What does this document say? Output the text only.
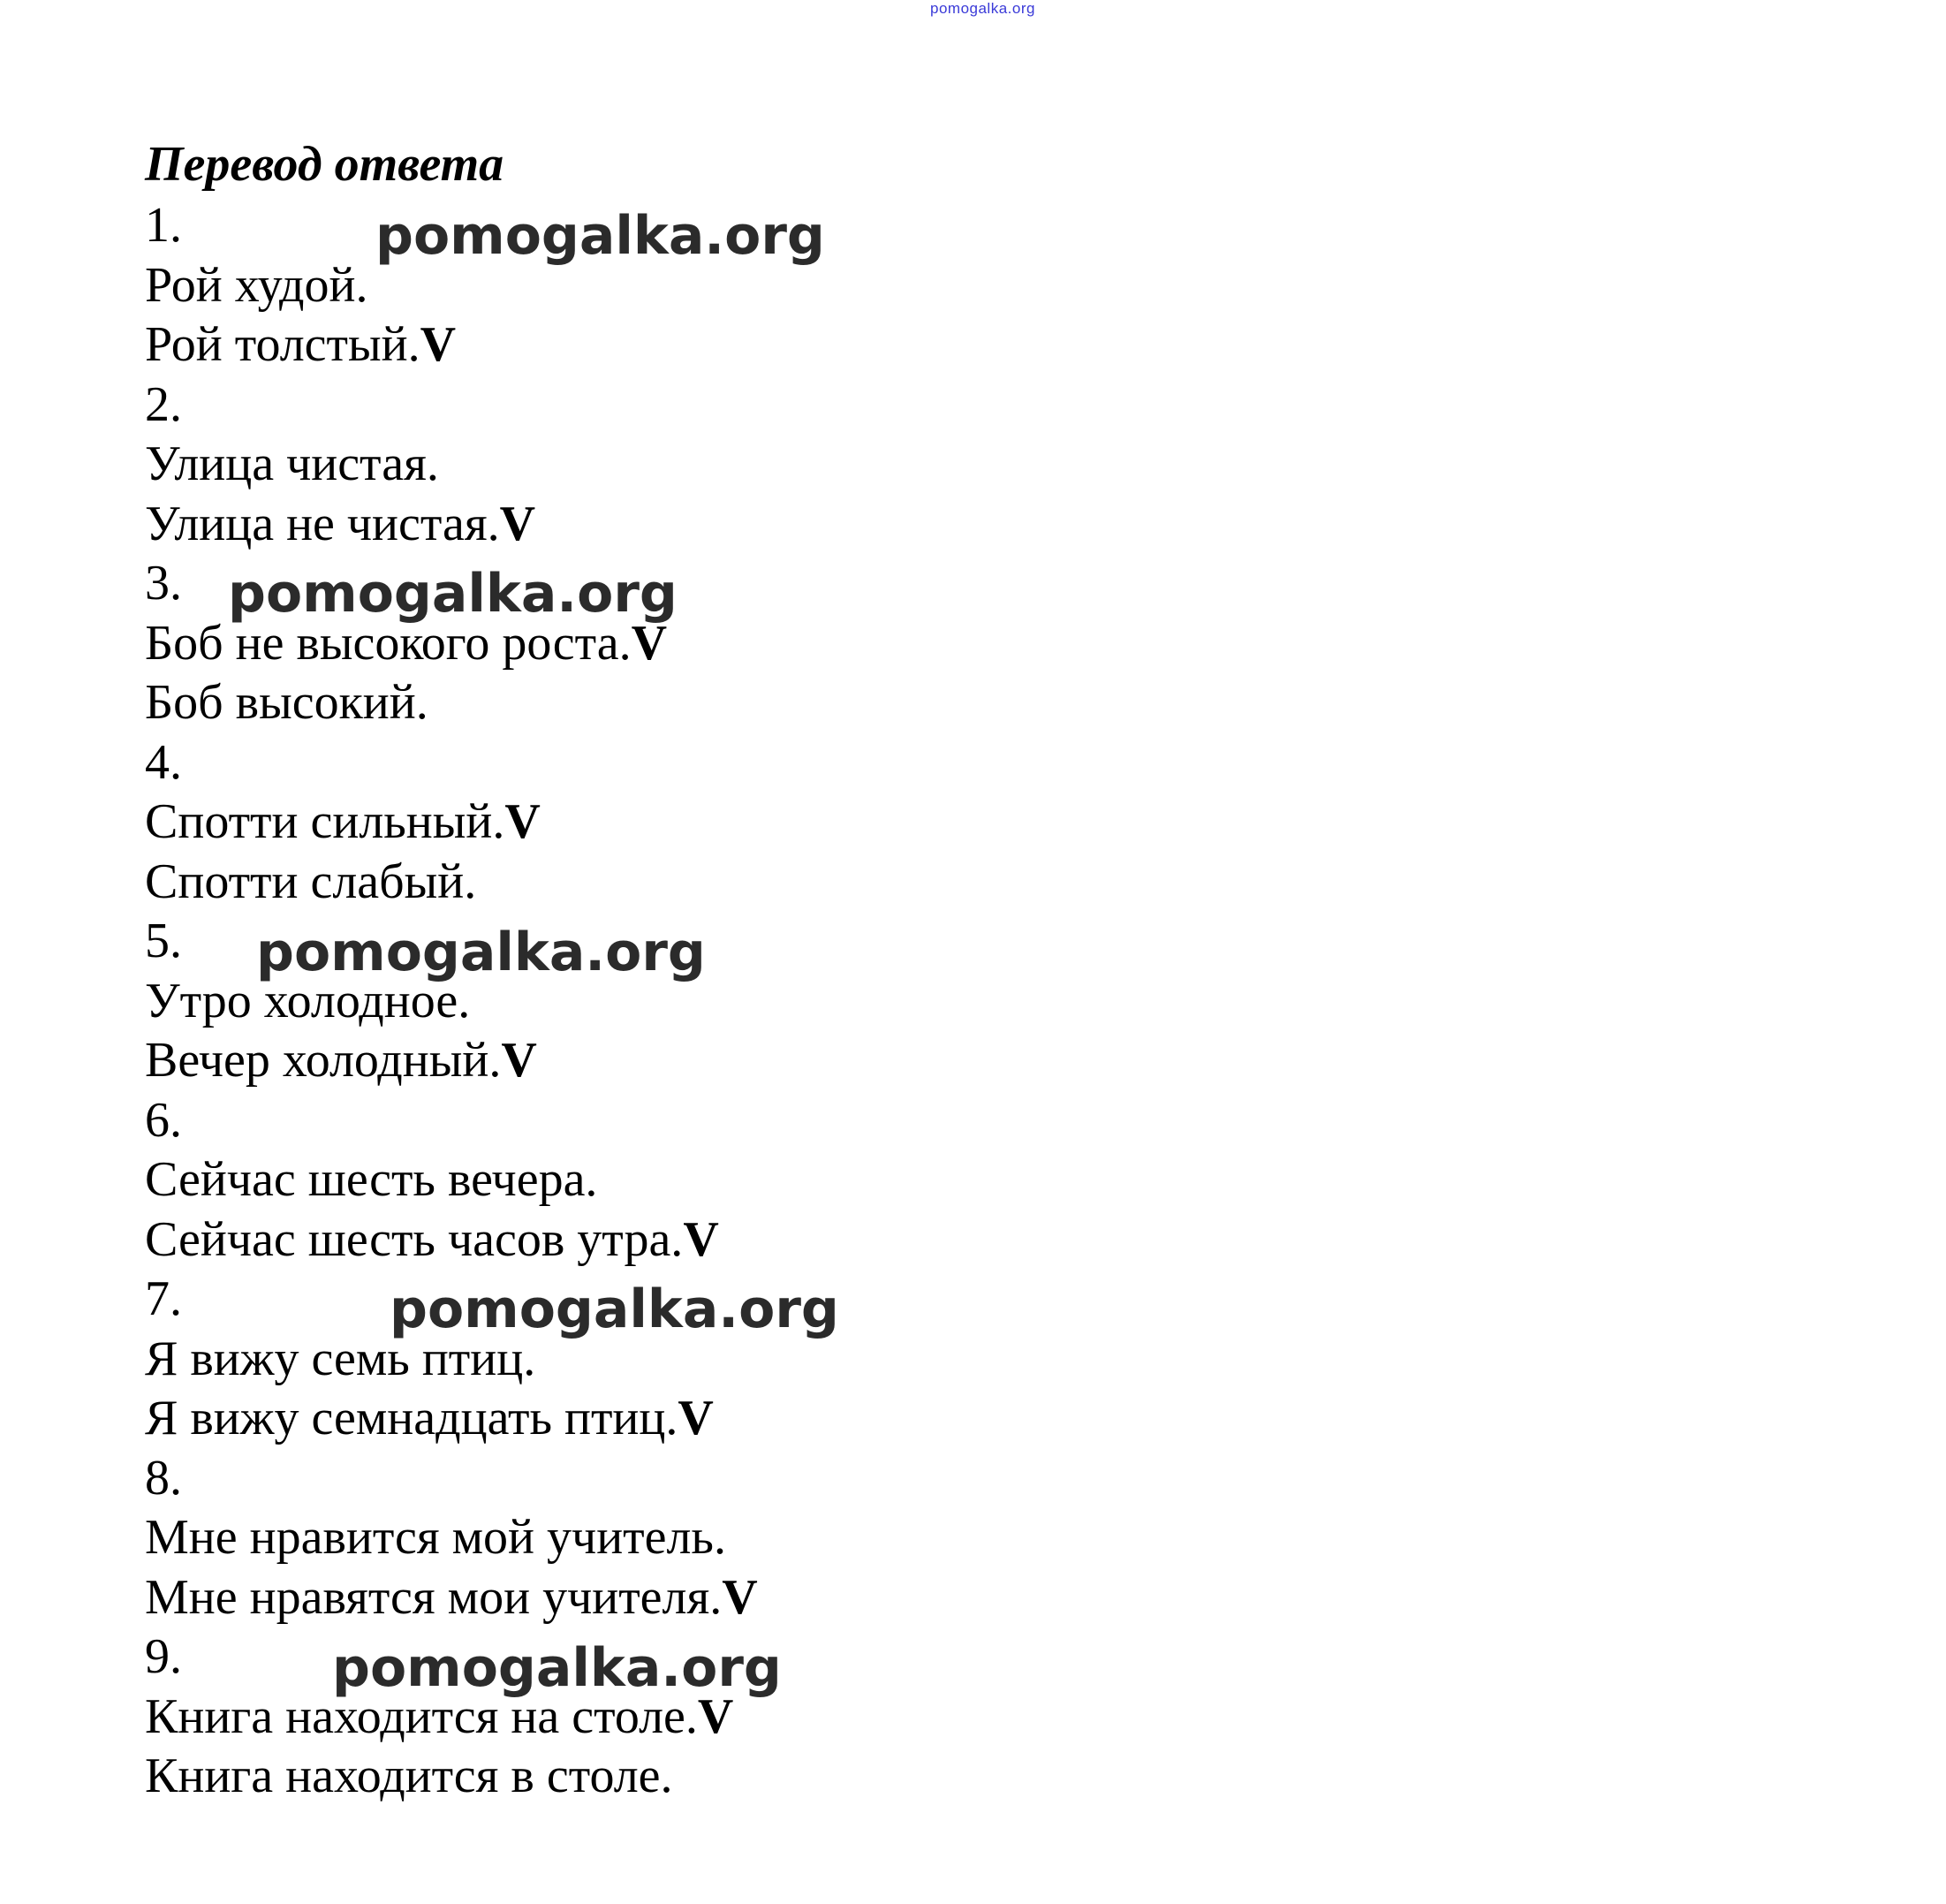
pomogalka.org
Перевод ответа
1.
Рой худой.
Рой толстый.V
2.
Улица чистая.
Улица не чистая.V
3.
Боб не высокого роста.V
Боб высокий.
4.
Спотти сильный.V
Спотти слабый.
5.
Утро холодное.
Вечер холодный.V
6.
Сейчас шесть вечера.
Сейчас шесть часов утра.V
7.
Я вижу семь птиц.
Я вижу семнадцать птиц.V
8.
Мне нравится мой учитель.
Мне нравятся мои учителя.V
9.
Книга находится на столе.V
Книга находится в столе.
pomogalka.org
pomogalka.org
pomogalka.org
pomogalka.org
pomogalka.org
